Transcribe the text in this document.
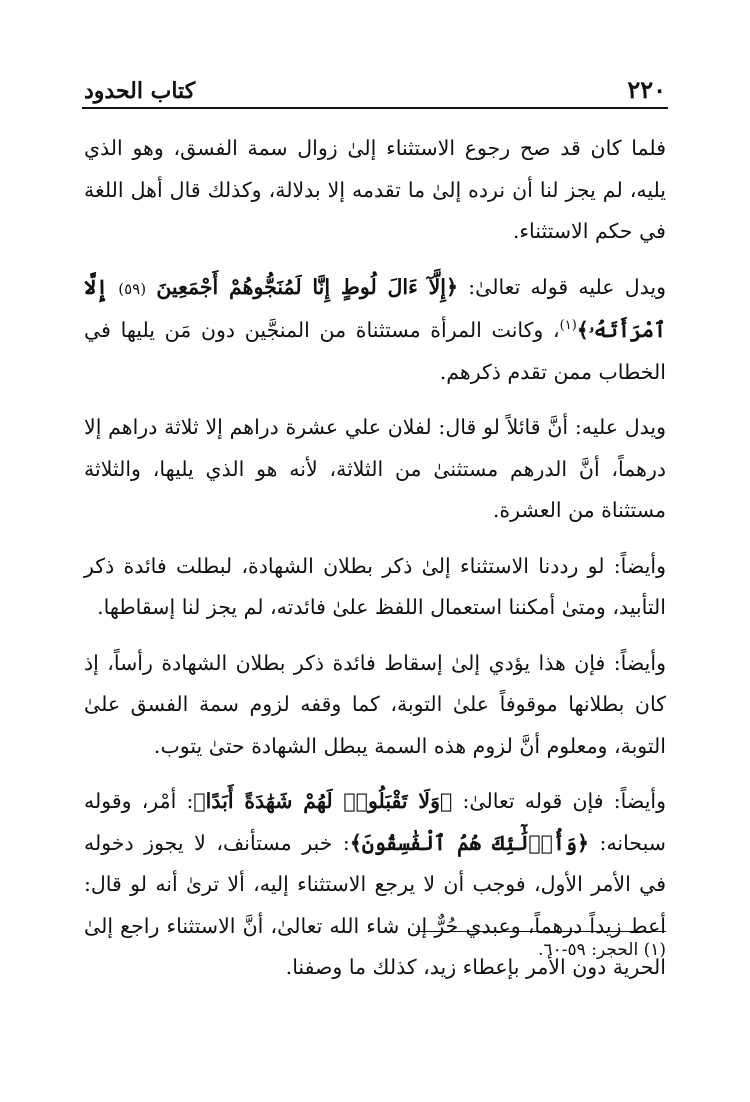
٢٢٠
كتاب الحدود

فلما كان قد صح رجوع الاستثناء إلىٰ زوال سمة الفسق، وهو الذي يليه، لم يجز لنا أن نرده إلىٰ ما تقدمه إلا بدلالة، وكذلك قال أهل اللغة في حكم الاستثناء.

ويدل عليه قوله تعالىٰ: ﴿إِلَّآ ءَالَ لُوطٍ إِنَّا لَمُنَجُّوهُمْ أَجْمَعِينَ (٥٩) إِلَّا ٱمْرَأَتَهُۥ﴾$^{(١)}$، وكانت المرأة مستثناة من المنجَّين دون مَن يليها في الخطاب ممن تقدم ذكرهم.

ويدل عليه: أنَّ قائلاً لو قال: لفلان علي عشرة دراهم إلا ثلاثة دراهم إلا درهماً، أنَّ الدرهم مستثنىٰ من الثلاثة، لأنه هو الذي يليها، والثلاثة مستثناة من العشرة.

وأيضاً: لو رددنا الاستثناء إلىٰ ذكر بطلان الشهادة، لبطلت فائدة ذكر التأبيد، ومتىٰ أمكننا استعمال اللفظ علىٰ فائدته، لم يجز لنا إسقاطها.

وأيضاً: فإن هذا يؤدي إلىٰ إسقاط فائدة ذكر بطلان الشهادة رأساً، إذ كان بطلانها موقوفاً علىٰ التوبة، كما وقفه لزوم سمة الفسق علىٰ التوبة، ومعلوم أنَّ لزوم هذه السمة يبطل الشهادة حتىٰ يتوب.

وأيضاً: فإن قوله تعالىٰ: ﴿وَلَا تَقْبَلُوا۟ لَهُمْ شَهَٰدَةً أَبَدًا﴾: أمْر، وقوله سبحانه: ﴿وَأُو۟لَٰٓئِكَ هُمُ ٱلْفَٰسِقُونَ﴾: خبر مستأنف، لا يجوز دخوله في الأمر الأول، فوجب أن لا يرجع الاستثناء إليه، ألا ترىٰ أنه لو قال: أعط زيداً درهماً، وعبدي حُرٌّ إن شاء الله تعالىٰ، أنَّ الاستثناء راجع إلىٰ الحرية دون الأمر بإعطاء زيد، كذلك ما وصفنا.

(١) الحجر: ٥٩-٦٠.
